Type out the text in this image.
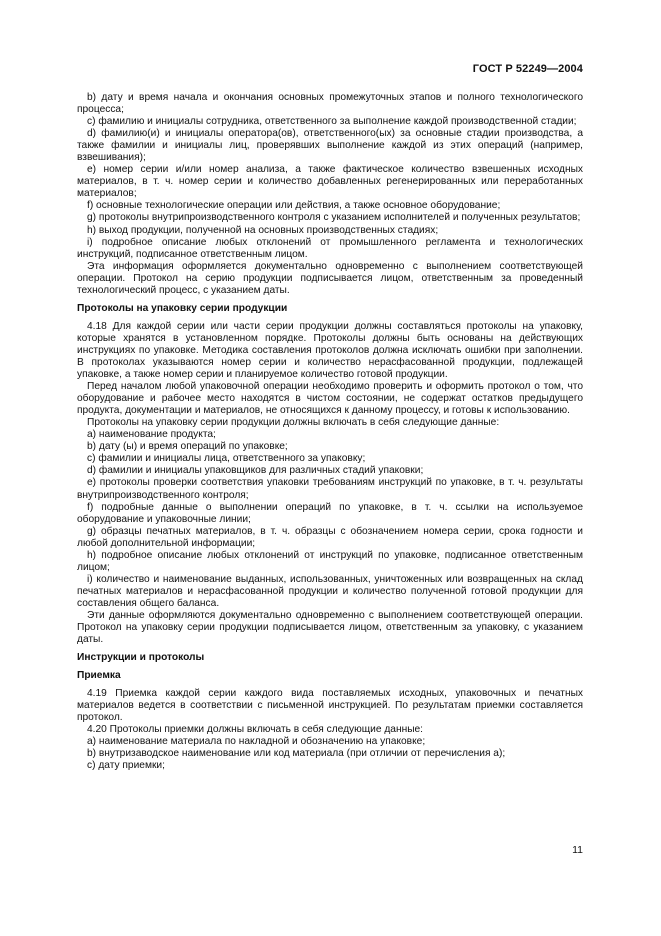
ГОСТ Р 52249—2004

b) дату и время начала и окончания основных промежуточных этапов и полного технологического процесса;

c) фамилию и инициалы сотрудника, ответственного за выполнение каждой производственной стадии;

d) фамилию(и) и инициалы оператора(ов), ответственного(ых) за основные стадии производства, а также фамилии и инициалы лиц, проверявших выполнение каждой из этих операций (например, взвешивания);

е) номер серии и/или номер анализа, а также фактическое количество взвешенных исходных материалов, в т. ч. номер серии и количество добавленных регенерированных или переработанных материалов;

f) основные технологические операции или действия, а также основное оборудование;

g) протоколы внутрипроизводственного контроля с указанием исполнителей и полученных результатов;

h) выход продукции, полученной на основных производственных стадиях;

i) подробное описание любых отклонений от промышленного регламента и технологических инструкций, подписанное ответственным лицом.

Эта информация оформляется документально одновременно с выполнением соответствующей операции. Протокол на серию продукции подписывается лицом, ответственным за проведенный технологический процесс, с указанием даты.

Протоколы на упаковку серии продукции

4.18 Для каждой серии или части серии продукции должны составляться протоколы на упаковку, которые хранятся в установленном порядке. Протоколы должны быть основаны на действующих инструкциях по упаковке. Методика составления протоколов должна исключать ошибки при заполнении. В протоколах указываются номер серии и количество нерасфасованной продукции, подлежащей упаковке, а также номер серии и планируемое количество готовой продукции.

Перед началом любой упаковочной операции необходимо проверить и оформить протокол о том, что оборудование и рабочее место находятся в чистом состоянии, не содержат остатков предыдущего продукта, документации и материалов, не относящихся к данному процессу, и готовы к использованию.

Протоколы на упаковку серии продукции должны включать в себя следующие данные:

а) наименование продукта;

b) дату (ы) и время операций по упаковке;

c) фамилии и инициалы лица, ответственного за упаковку;

d) фамилии и инициалы упаковщиков для различных стадий упаковки;

е) протоколы проверки соответствия упаковки требованиям инструкций по упаковке, в т. ч. результаты внутрипроизводственного контроля;

f) подробные данные о выполнении операций по упаковке, в т. ч. ссылки на используемое оборудование и упаковочные линии;

g) образцы печатных материалов, в т. ч. образцы с обозначением номера серии, срока годности и любой дополнительной информации;

h) подробное описание любых отклонений от инструкций по упаковке, подписанное ответственным лицом;

i) количество и наименование выданных, использованных, уничтоженных или возвращенных на склад печатных материалов и нерасфасованной продукции и количество полученной готовой продукции для составления общего баланса.

Эти данные оформляются документально одновременно с выполнением соответствующей операции. Протокол на упаковку серии продукции подписывается лицом, ответственным за упаковку, с указанием даты.

Инструкции и протоколы
Приемка

4.19 Приемка каждой серии каждого вида поставляемых исходных, упаковочных и печатных материалов ведется в соответствии с письменной инструкцией. По результатам приемки составляется протокол.

4.20 Протоколы приемки должны включать в себя следующие данные:

а) наименование материала по накладной и обозначению на упаковке;

b) внутризаводское наименование или код материала (при отличии от перечисления а);

c) дату приемки;

11
